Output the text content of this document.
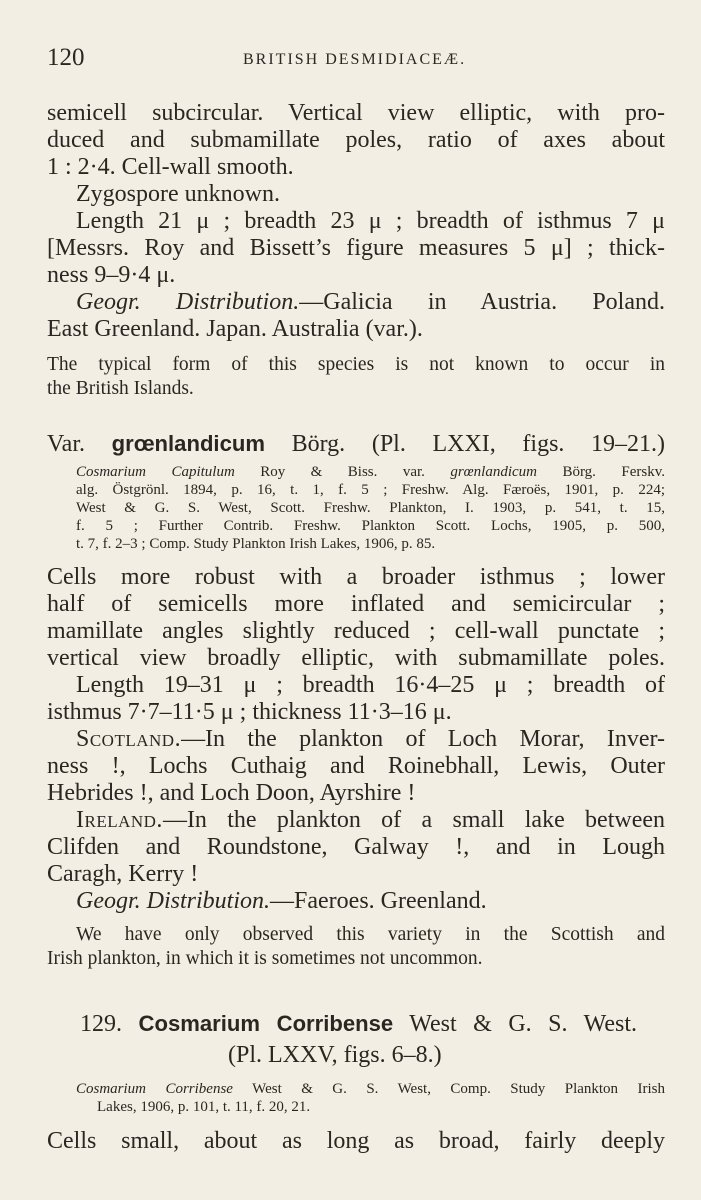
120	BRITISH DESMIDIACEÆ.
semicell subcircular. Vertical view elliptic, with pro-
duced and submamillate poles, ratio of axes about
1 : 2·4. Cell-wall smooth.
Zygospore unknown.
Length 21 μ ; breadth 23 μ ; breadth of isthmus 7 μ
[Messrs. Roy and Bissett’s figure measures 5 μ] ; thick-
ness 9–9·4 μ.
Geogr. Distribution.—Galicia in Austria. Poland.
East Greenland. Japan. Australia (var.).
The typical form of this species is not known to occur in
the British Islands.
Var. grœnlandicum Börg. (Pl. LXXI, figs. 19–21.)
Cosmarium Capitulum Roy & Biss. var. grœnlandicum Börg. Ferskv.
alg. Östgrönl. 1894, p. 16, t. 1, f. 5 ; Freshw. Alg. Færoës, 1901, p. 224;
West & G. S. West, Scott. Freshw. Plankton, I. 1903, p. 541, t. 15,
f. 5 ; Further Contrib. Freshw. Plankton Scott. Lochs, 1905, p. 500,
t. 7, f. 2–3 ; Comp. Study Plankton Irish Lakes, 1906, p. 85.
Cells more robust with a broader isthmus ; lower
half of semicells more inflated and semicircular ;
mamillate angles slightly reduced ; cell-wall punctate ;
vertical view broadly elliptic, with submamillate poles.
Length 19–31 μ ; breadth 16·4–25 μ ; breadth of
isthmus 7·7–11·5 μ ; thickness 11·3–16 μ.
Scotland.—In the plankton of Loch Morar, Inver-
ness !, Lochs Cuthaig and Roinebhall, Lewis, Outer
Hebrides !, and Loch Doon, Ayrshire !
Ireland.—In the plankton of a small lake between
Clifden and Roundstone, Galway !, and in Lough
Caragh, Kerry !
Geogr. Distribution.—Faeroes. Greenland.
We have only observed this variety in the Scottish and
Irish plankton, in which it is sometimes not uncommon.
129. Cosmarium Corribense West & G. S. West.
(Pl. LXXV, figs. 6–8.)
Cosmarium Corribense West & G. S. West, Comp. Study Plankton Irish
Lakes, 1906, p. 101, t. 11, f. 20, 21.
Cells small, about as long as broad, fairly deeply
